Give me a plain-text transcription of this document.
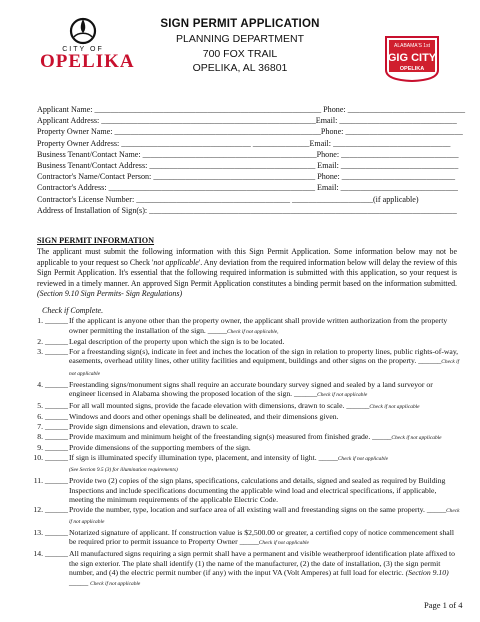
CITY OF
OPELIKA
SIGN PERMIT APPLICATION
PLANNING DEPARTMENT
700 FOX TRAIL
OPELIKA, AL 36801
ALABAMA'S 1st
GIG CITY
OPELIKA
Applicant Name: ________________________________________________________ Phone: _____________________________
Applicant Address: _____________________________________________________Email: _____________________________
Property Owner Name: ___________________________________________________Phone: _____________________________
Property Owner Address: ________________________________ ______________Email: _____________________________
Business Tenant/Contact Name: ___________________________________________Phone: _____________________________
Business Tenant/Contact Address: _________________________________________ Email: _____________________________
Contractor's Name/Contact Person: ________________________________________ Phone: ____________________________
Contractor's Address: ___________________________________________________ Email: _____________________________
Contractor's License Number: ______________________________________ ____________________(if applicable)
Address of Installation of Sign(s): ____________________________________________________________________________
SIGN PERMIT INFORMATION
The applicant must submit the following information with this Sign Permit Application. Some information below may not be applicable to your request so Check 'not applicable'. Any deviation from the required information below will delay the review of this Sign Permit Application. It's essential that the following required information is submitted with this application, so your request is reviewed in a timely manner. An approved Sign Permit Application constitutes a binding permit based on the information submitted. (Section 9.10 Sign Permits- Sign Regulations)
Check if Complete.
1. ______ If the applicant is anyone other than the property owner, the applicant shall provide written authorization from the property owner permitting the installation of the sign. _____Check if not applicable,
2. ______ Legal description of the property upon which the sign is to be located.
3. ______ For a freestanding sign(s), indicate in feet and inches the location of the sign in relation to property lines, public rights-of-way, easements, overhead utility lines, other utility facilities and equipment, buildings and other signs on the property. ______Check if not applicable
4. ______ Freestanding signs/monument signs shall require an accurate boundary survey signed and sealed by a land surveyor or engineer licensed in Alabama showing the proposed location of the sign. ______Check if not applicable
5. ______ For all wall mounted signs, provide the facade elevation with dimensions, drawn to scale. ______Check if not applicable
6. ______ Windows and doors and other openings shall be delineated, and their dimensions given.
7. ______ Provide sign dimensions and elevation, drawn to scale.
8. ______ Provide maximum and minimum height of the freestanding sign(s) measured from finished grade. _____Check if not applicable
9. ______ Provide dimensions of the supporting members of the sign.
10. ______ If sign is illuminated specify illumination type, placement, and intensity of light. _____Check if not applicable
(See Section 9.5 (3) for illumination requirements)
11. ______ Provide two (2) copies of the sign plans, specifications, calculations and details, signed and sealed as required by Building Inspections and include specifications documenting the applicable wind load and electrical specifications, if applicable, meeting the minimum requirements of the applicable Electric Code.
12. ______ Provide the number, type, location and surface area of all existing wall and freestanding signs on the same property. _____Check if not applicable
13. ______ Notarized signature of applicant. If construction value is $2,500.00 or greater, a certified copy of notice commencement shall be required prior to permit issuance to Property Owner _____Check if not applicable
14. ______ All manufactured signs requiring a sign permit shall have a permanent and visible weatherproof identification plate affixed to the sign exterior. The plate shall identify (1) the name of the manufacturer, (2) the date of installation, (3) the sign permit number, and (4) the electric permit number (if any) with the input VA (Volt Amperes) at full load for electric. (Section 9.10) _____ Check if not applicable
Page 1 of 4
